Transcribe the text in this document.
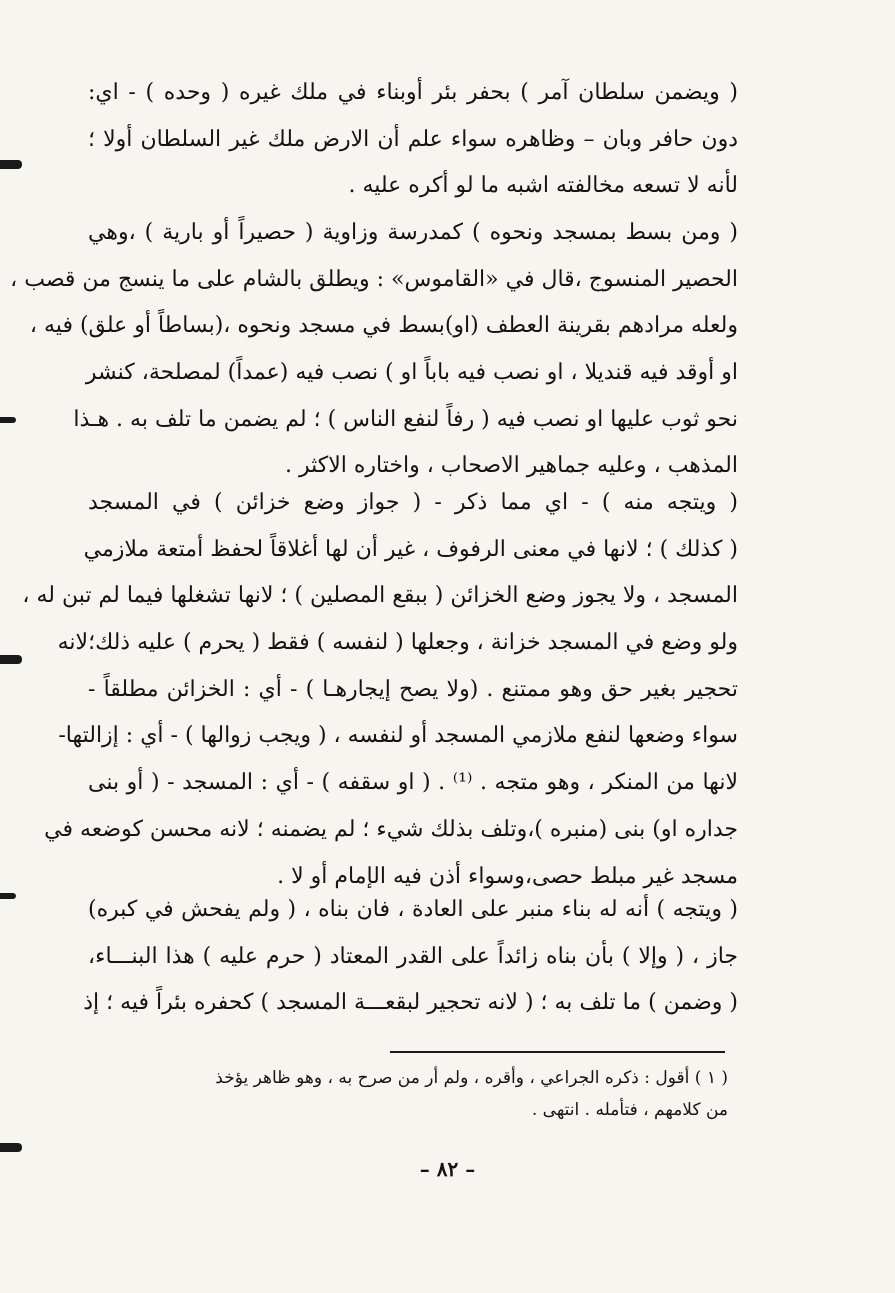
( ويضمن سلطان آمر ) بحفر بئر أوبناء في ملك غيره ( وحده ) - اي:
دون حافر وبان – وظاهره سواء علم أن الارض ملك غير السلطان أولا ؛
لأنه لا تسعه مخالفته اشبه ما لو أكره عليه .
( ومن بسط بمسجد ونحوه ) كمدرسة وزاوية ( حصيراً أو بارية ) ،وهي
الحصير المنسوج ،قال في «القاموس» : ويطلق بالشام على ما ينسج من قصب ،
ولعله مرادهم بقرينة العطف (او)بسط في مسجد ونحوه ،(بساطاً أو علق) فيه ،
او أوقد فيه قنديلا ، او نصب فيه باباً او ) نصب فيه (عمداً) لمصلحة، كنشر
نحو ثوب عليها او نصب فيه ( رفاً لنفع الناس ) ؛ لم يضمن ما تلف به . هـذا
المذهب ، وعليه جماهير الاصحاب ، واختاره الاكثر .
( ويتجه منه ) - اي مما ذكر - ( جواز وضع خزائن ) في المسجد
( كذلك ) ؛ لانها في معنى الرفوف ، غير أن لها أغلاقاً لحفظ أمتعة ملازمي
المسجد ، ولا يجوز وضع الخزائن ( ببقع المصلين ) ؛ لانها تشغلها فيما لم تبن له ،
ولو وضع في المسجد خزانة ، وجعلها ( لنفسه ) فقط ( يحرم ) عليه ذلك؛لانه
تحجير بغير حق وهو ممتنع . (ولا يصح إيجارهـا ) - أي : الخزائن مطلقاً -
سواء وضعها لنفع ملازمي المسجد أو لنفسه ، ( ويجب زوالها ) - أي : إزالتها-
لانها من المنكر ، وهو متجه . ⁽¹⁾ . ( او سقفه ) - أي : المسجد - ( أو بنى
جداره او) بنى (منبره )،وتلف بذلك شيء ؛ لم يضمنه ؛ لانه محسن كوضعه في
مسجد غير مبلط حصى،وسواء أذن فيه الإمام أو لا .
( ويتجه ) أنه له بناء منبر على العادة ، فان بناه ، ( ولم يفحش في كبره)
جاز ، ( وإلا ) بأن بناه زائداً على القدر المعتاد ( حرم عليه ) هذا البنـــاء،
( وضمن ) ما تلف به ؛ ( لانه تحجير لبقعـــة المسجد ) كحفره بئراً فيه ؛ إذ
( ١ ) أقول : ذكره الجراعي ، وأقره ، ولم أر من صرح به ، وهو ظاهر يؤخذ
من كلامهم ، فتأمله . انتهى .
– ٨٢ –
